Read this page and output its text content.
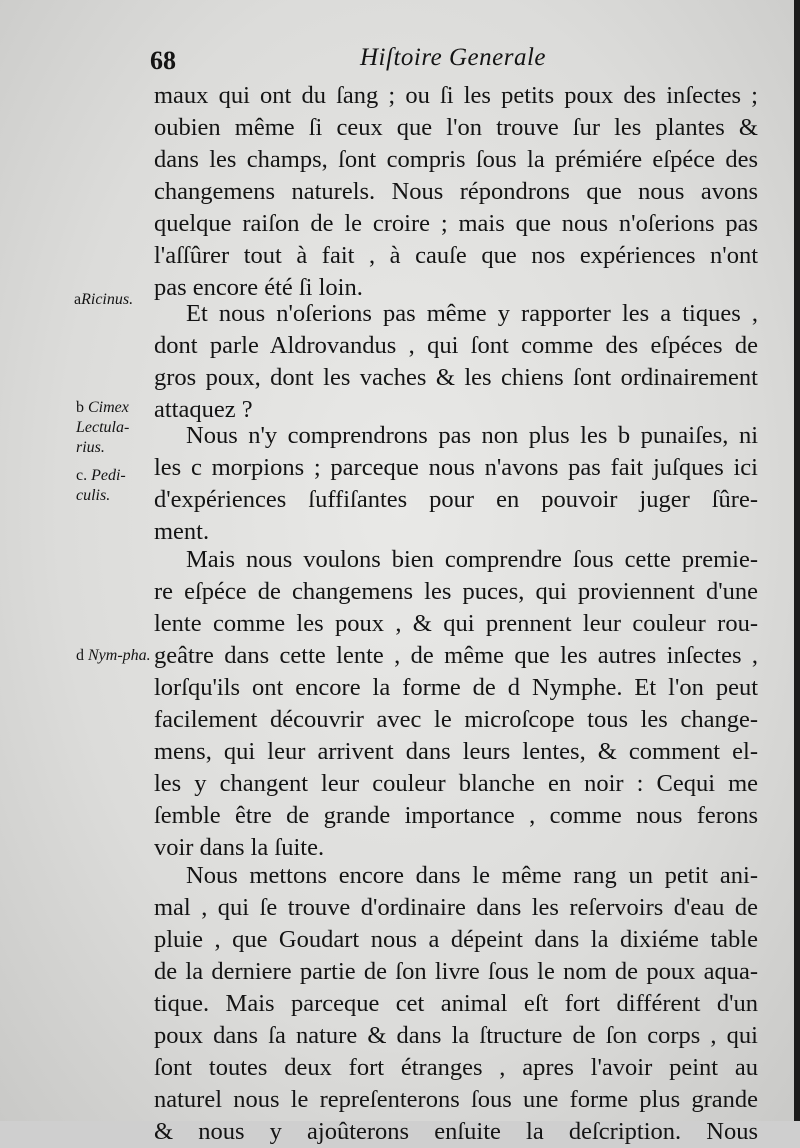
68	Hiſtoire Generale
maux qui ont du ſang ; ou ſi les petits poux des inſectes ;
oubien même ſi ceux que l'on trouve ſur les plantes &
dans les champs, ſont compris ſous la prémiére eſpéce des
changemens naturels. Nous répondrons que nous avons
quelque raiſon de le croire ; mais que nous n'oſerions pas
l'aſſûrer tout à fait , à cauſe que nos expériences n'ont
pas encore été ſi loin.
Et nous n'oſerions pas même y rapporter les a tiques ,
dont parle Aldrovandus , qui ſont comme des eſpéces de
gros poux, dont les vaches & les chiens ſont ordinairement
attaquez ?
Nous n'y comprendrons pas non plus les b punaiſes, ni
les c morpions ; parceque nous n'avons pas fait juſques ici
d'expériences ſuffiſantes pour en pouvoir juger ſûre-
ment.
Mais nous voulons bien comprendre ſous cette premie-
re eſpéce de changemens les puces, qui proviennent d'une
lente comme les poux , & qui prennent leur couleur rou-
geâtre dans cette lente , de même que les autres inſectes ,
lorſqu'ils ont encore la forme de d Nymphe. Et l'on peut
facilement découvrir avec le microſcope tous les change-
mens, qui leur arrivent dans leurs lentes, & comment el-
les y changent leur couleur blanche en noir : Cequi me
ſemble être de grande importance , comme nous ferons
voir dans la ſuite.
Nous mettons encore dans le même rang un petit ani-
mal , qui ſe trouve d'ordinaire dans les reſervoirs d'eau de
pluie , que Goudart nous a dépeint dans la dixiéme table
de la derniere partie de ſon livre ſous le nom de poux aqua-
tique. Mais parceque cet animal eſt fort différent d'un
poux dans ſa nature & dans la ſtructure de ſon corps , qui
ſont toutes deux fort étranges , apres l'avoir peint au
naturel nous le repreſenterons ſous une forme plus grande
& nous y ajoûterons enſuite la deſcription. Nous
aRicinus.
b Cimex Lectula-rius.
c. Pedi-culis.
d Nym-pha.
